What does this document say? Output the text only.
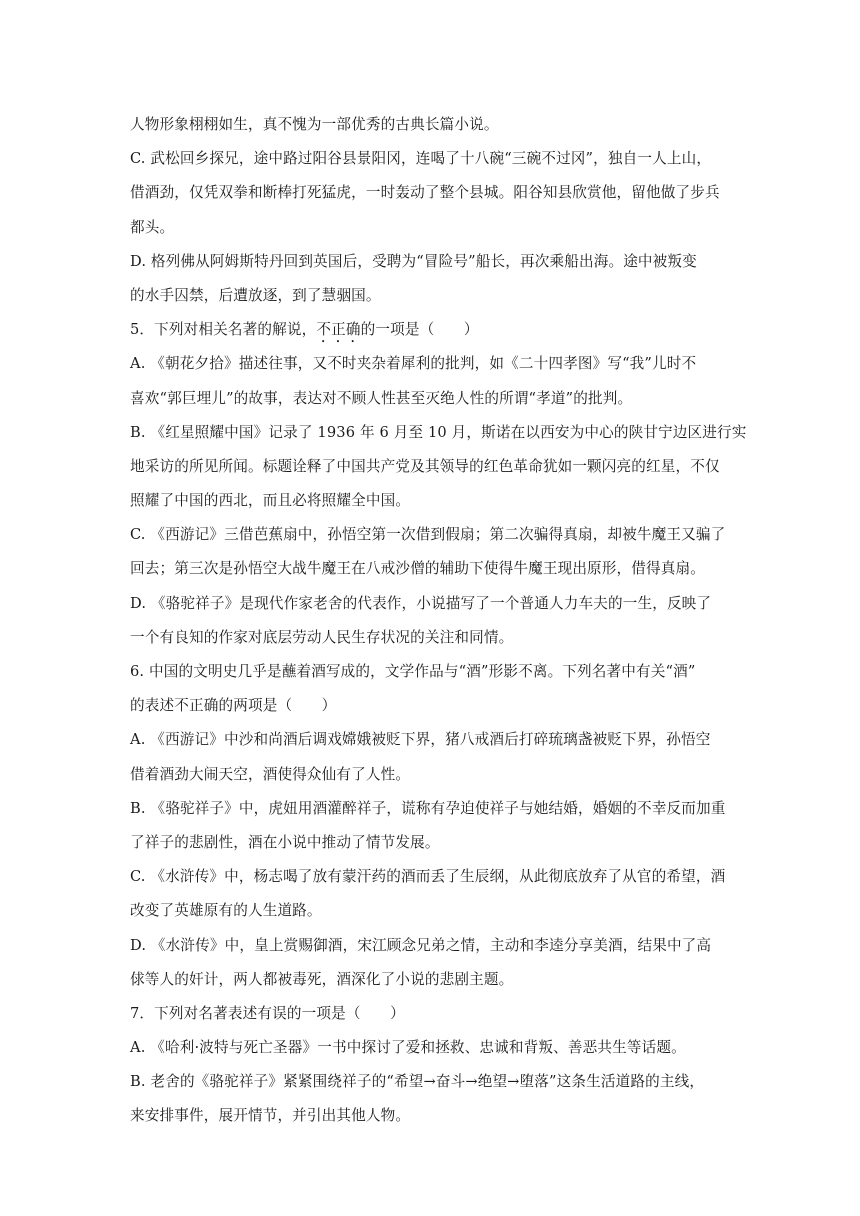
人物形象栩栩如生，真不愧为一部优秀的古典长篇小说。
C. 武松回乡探兄，途中路过阳谷县景阳冈，连喝了十八碗“三碗不过冈”，独自一人上山，
借酒劲，仅凭双拳和断棒打死猛虎，一时轰动了整个县城。阳谷知县欣赏他，留他做了步兵
都头。
D. 格列佛从阿姆斯特丹回到英国后，受聘为“冒险号”船长，再次乘船出海。途中被叛变
的水手囚禁，后遭放逐，到了慧骃国。
5．下列对相关名著的解说，不正确的一项是（　　）
A. 《朝花夕拾》描述往事，又不时夹杂着犀利的批判，如《二十四孝图》写“我”儿时不
喜欢“郭巨埋儿”的故事，表达对不顾人性甚至灭绝人性的所谓“孝道”的批判。
B. 《红星照耀中国》记录了 1936 年 6 月至 10 月，斯诺在以西安为中心的陕甘宁边区进行实
地采访的所见所闻。标题诠释了中国共产党及其领导的红色革命犹如一颗闪亮的红星，不仅
照耀了中国的西北，而且必将照耀全中国。
C. 《西游记》三借芭蕉扇中，孙悟空第一次借到假扇；第二次骗得真扇，却被牛魔王又骗了
回去；第三次是孙悟空大战牛魔王在八戒沙僧的辅助下使得牛魔王现出原形，借得真扇。
D. 《骆驼祥子》是现代作家老舍的代表作，小说描写了一个普通人力车夫的一生，反映了
一个有良知的作家对底层劳动人民生存状况的关注和同情。
6. 中国的文明史几乎是蘸着酒写成的，文学作品与“酒”形影不离。下列名著中有关“酒”
的表述不正确的两项是（　　）
A. 《西游记》中沙和尚酒后调戏嫦娥被贬下界，猪八戒酒后打碎琉璃盏被贬下界，孙悟空
借着酒劲大闹天空，酒使得众仙有了人性。
B. 《骆驼祥子》中，虎妞用酒灌醉祥子，谎称有孕迫使祥子与她结婚，婚姻的不幸反而加重
了祥子的悲剧性，酒在小说中推动了情节发展。
C. 《水浒传》中，杨志喝了放有蒙汗药的酒而丢了生辰纲，从此彻底放弃了从官的希望，酒
改变了英雄原有的人生道路。
D. 《水浒传》中，皇上赏赐御酒，宋江顾念兄弟之情，主动和李逵分享美酒，结果中了高
俅等人的奸计，两人都被毒死，酒深化了小说的悲剧主题。
7．下列对名著表述有误的一项是（　　）
A. 《哈利·波特与死亡圣器》一书中探讨了爱和拯救、忠诚和背叛、善恶共生等话题。
B. 老舍的《骆驼祥子》紧紧围绕祥子的“希望→奋斗→绝望→堕落”这条生活道路的主线，
来安排事件，展开情节，并引出其他人物。
